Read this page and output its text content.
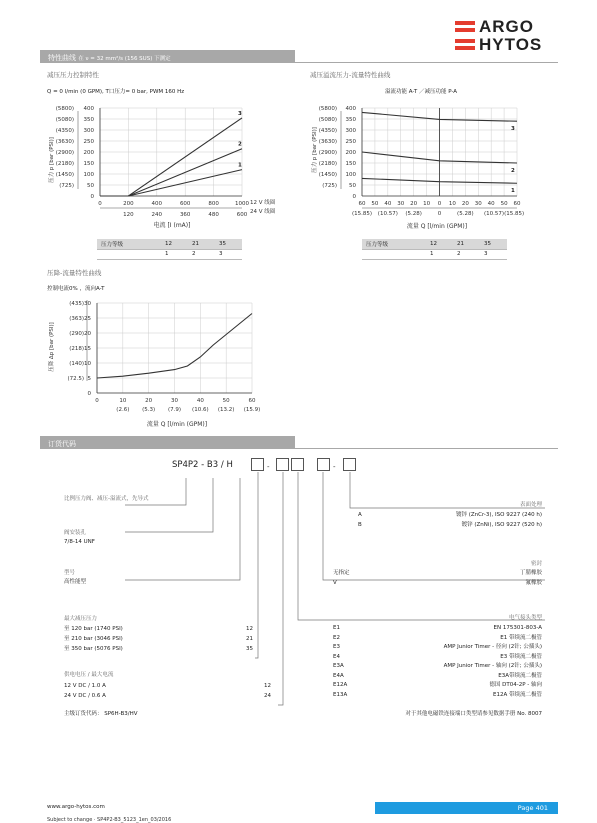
ARGO
HYTOS
特性曲线 在 ν = 32 mm²/s (156 SUS) 下测定
减压压力控制特性
Q = 0 l/min (0 GPM), T口压力= 0 bar, PWM 160 Hz
压力 p [bar (PSI)]
(725)
(1450)
(2180)
(2900)
(3630)
(4350)
(5080)
(5800)
0
50
100
150
200
250
300
350
400
1
2
3
0	200	400	600	800	1000
120	240	360	480	600
12 V 线圈
24 V 线圈
电流 [I (mA)]
压力等级	12	21	35
	1	2	3
减压溢流压力-流量特性曲线
溢流功能 A-T ／减压功能 P-A
压力 p [bar (PSI)]
(725)
(1450)
(2180)
(2900)
(3630)
(4350)
(5080)
(5800)
0
50
100
150
200
250
300
350
400
1
2
3
60 50 40 30 20 10 0 10 20 30 40 50 60
(15.85) (10.57) (5.28)	0	(5.28) (10.57)(15.85)
流量 Q [l/min (GPM)]
压力等级	12	21	35
	1	2	3
压降-流量特性曲线
控制电流0% ，流向A-T
压降 Δp [bar (PSI)]
(72.5)
(140)
(218)
(290)
(363)
(435)
0
5
10
15
20
25
30
0	10	20	30	40	50	60
(2.6) (5.3) (7.9) (10.6) (13.2) (15.9)
流量 Q [l/min (GPM)]
订货代码
SP4P2 - B3 / H	-	-
比例压力阀、减压-溢流式，先导式
阀安装孔
7/8-14 UNF
型号
高性能型
最大减压压力
至 120 bar (1740 PSI)	12
至 210 bar (3046 PSI)	21
至 350 bar (5076 PSI)	35
供电电压 / 最大电流
12 V DC / 1.0 A	12
24 V DC / 0.6 A	24
主级订货代码： SP6H-B3/HV
表面处理
A	镀锌 (ZnCr-3), ISO 9227 (240 h)
B	镀锌 (ZnNi), ISO 9227 (520 h)
密封
无指定	丁腈橡胶
V	氟橡胶
电气接头类型
E1	EN 175301-803-A
E2	E1 带续流二极管
E3	AMP Junior Timer - 径向 (2针; 公插头)
E4	E3 带续流二极管
E3A	AMP Junior Timer - 轴向 (2针; 公插头)
E4A	E3A带续流二极管
E12A	德国 DT04-2P - 轴向
E13A	E12A 带续流二极管
对于其他电磁铁连接端口类型请参见数据手册 No. 8007
www.argo-hytos.com	Page 401
Subject to change · SP4P2-B3_5123_1en_03/2016
